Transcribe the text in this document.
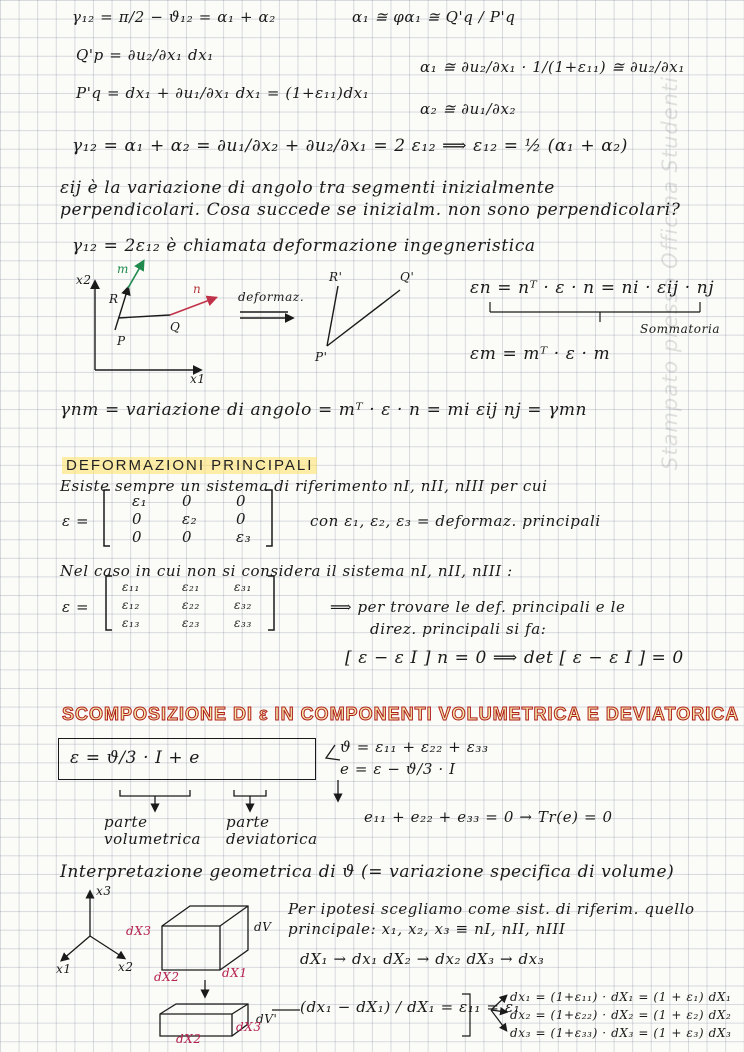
Stampato presso Officina Studenti
γ₁₂ = π/2 − ϑ₁₂ = α₁ + α₂	α₁ ≅ φα₁ ≅ Q'q / P'q
Q'p = ∂u₂/∂x₁ dx₁
P'q = dx₁ + ∂u₁/∂x₁ dx₁ = (1+ε₁₁)dx₁
α₁ ≅ ∂u₂/∂x₁ · 1/(1+ε₁₁) ≅ ∂u₂/∂x₁
α₂ ≅ ∂u₁/∂x₂
γ₁₂ = α₁ + α₂ = ∂u₁/∂x₂ + ∂u₂/∂x₁ = 2 ε₁₂ ⟹ ε₁₂ = ½ (α₁ + α₂)
εij è la variazione di angolo tra segmenti inizialmente
perpendicolari. Cosa succede se inizialm. non sono perpendicolari?
γ₁₂ = 2ε₁₂ è chiamata deformazione ingegneristica
x2
x1
m
n
R
P
Q
deformaz.
R'	Q'
P'
εn = nᵀ · ε · n = ni · εij · nj
Sommatoria
εm = mᵀ · ε · m
γnm = variazione di angolo = mᵀ · ε · n = mi εij nj = γmn
DEFORMAZIONI PRINCIPALI
Esiste sempre un sistema di riferimento nI, nII, nIII per cui
ε =
ε₁ 0	0
0	ε₂	0
0	0	ε₃
con ε₁, ε₂, ε₃ = deformaz. principali
Nel caso in cui non si considera il sistema nI, nII, nIII :
ε =
ε₁₁	ε₂₁	ε₃₁
ε₁₂	ε₂₂	ε₃₂
ε₁₃	ε₂₃	ε₃₃
⟹ per trovare le def. principali e le
direz. principali si fa:
[ ε − ε I ] n = 0 ⟹ det [ ε − ε I ] = 0
SCOMPOSIZIONE DI ε IN COMPONENTI VOLUMETRICA E DEVIATORICA
ε = ϑ/3 · I + e
ϑ = ε₁₁ + ε₂₂ + ε₃₃
e = ε − ϑ/3 · I
e₁₁ + e₂₂ + e₃₃ = 0 → Tr(e) = 0
parte
volumetrica
parte
deviatorica
Interpretazione geometrica di ϑ (= variazione specifica di volume)
x3
x1	x2
dX3	dV
dX2	dX1
dV'
dX2
dX3
Per ipotesi scegliamo come sist. di riferim. quello
principale: x₁, x₂, x₃ ≡ nI, nII, nIII
dX₁ → dx₁ dX₂ → dx₂ dX₃ → dx₃
(dx₁ − dX₁) / dX₁ = ε₁₁ = ε₁
dx₁ = (1+ε₁₁) · dX₁ = (1 + ε₁) dX₁
dx₂ = (1+ε₂₂) · dX₂ = (1 + ε₂) dX₂
dx₃ = (1+ε₃₃) · dX₃ = (1 + ε₃) dX₃
